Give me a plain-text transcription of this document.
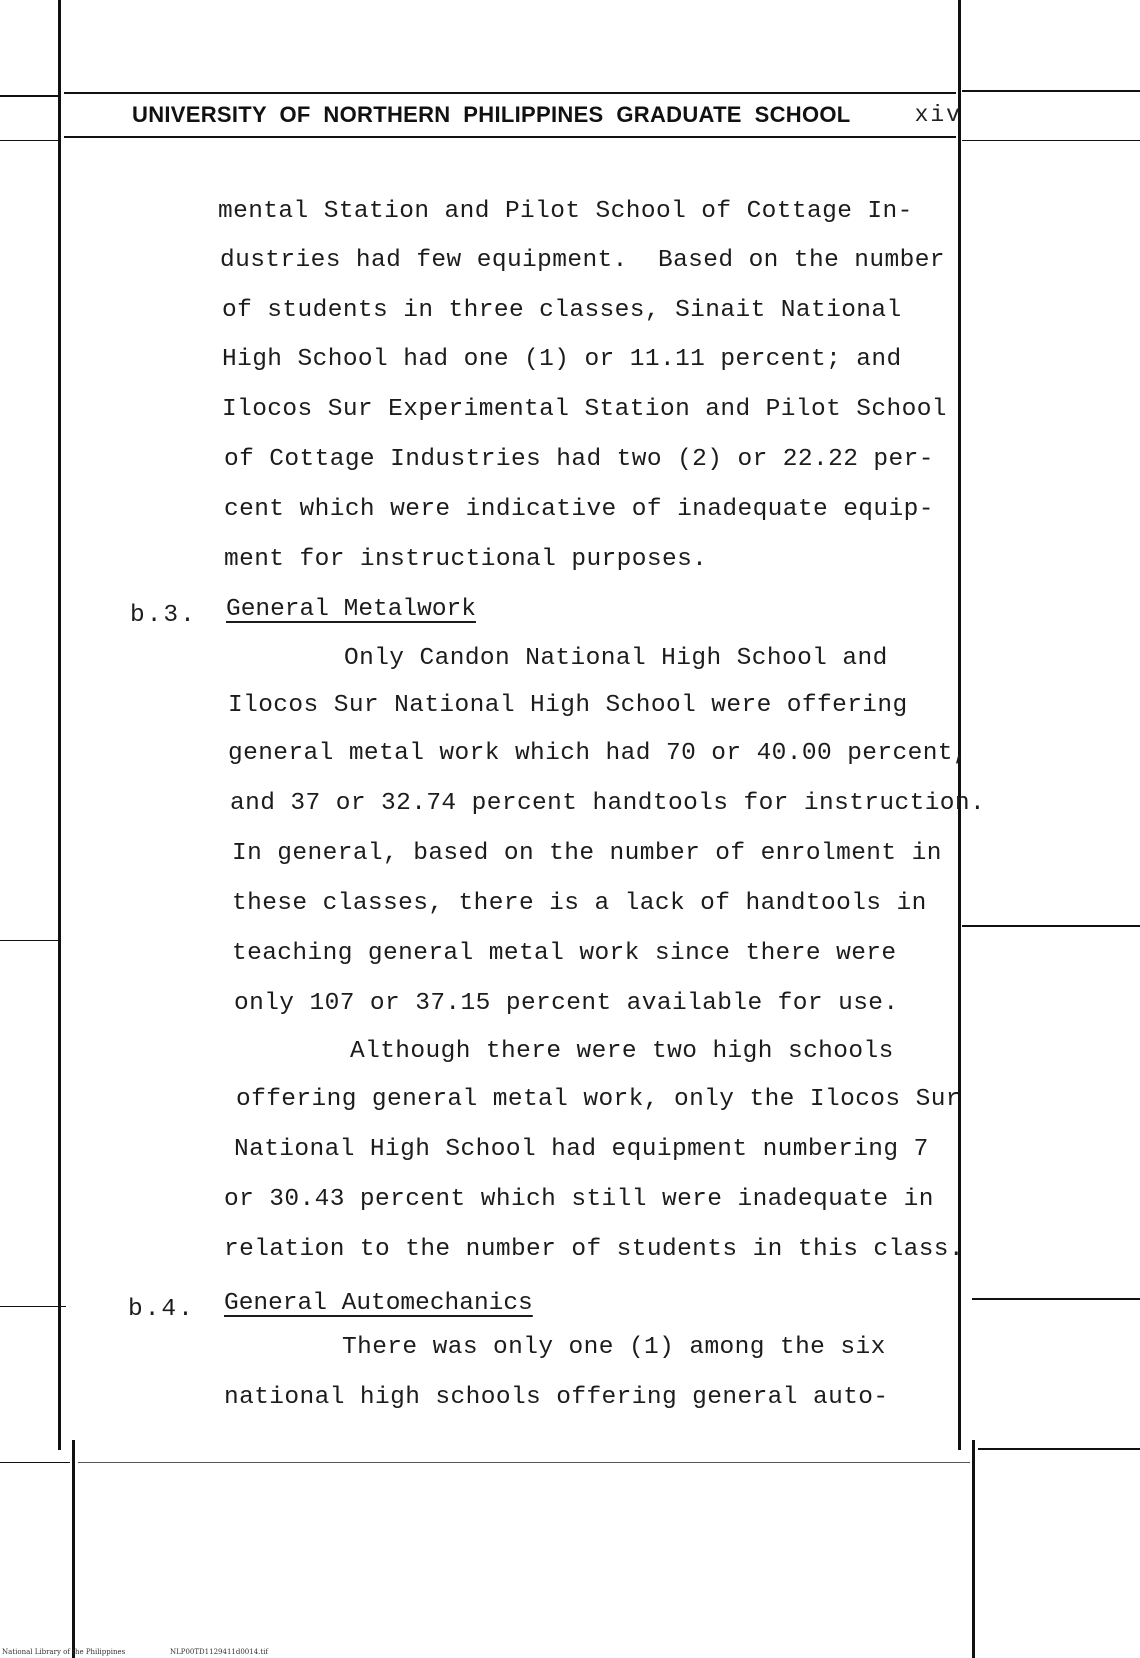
UNIVERSITY  OF  NORTHERN  PHILIPPINES  GRADUATE  SCHOOL	xiv
mental Station and Pilot School of Cottage In-
dustries had few equipment.  Based on the number
of students in three classes, Sinait National
High School had one (1) or 11.11 percent; and
Ilocos Sur Experimental Station and Pilot School
of Cottage Industries had two (2) or 22.22 per-
cent which were indicative of inadequate equip-
ment for instructional purposes.
b.3. General Metalwork
Only Candon National High School and
Ilocos Sur National High School were offering
general metal work which had 70 or 40.00 percent,
and 37 or 32.74 percent handtools for instruction.
In general, based on the number of enrolment in
these classes, there is a lack of handtools in
teaching general metal work since there were
only 107 or 37.15 percent available for use.
Although there were two high schools
offering general metal work, only the Ilocos Sur
National High School had equipment numbering 7
or 30.43 percent which still were inadequate in
relation to the number of students in this class.
b.4. General Automechanics
There was only one (1) among the six
national high schools offering general auto-
National Library of the Philippines	NLP00TD1129411d0014.tif
